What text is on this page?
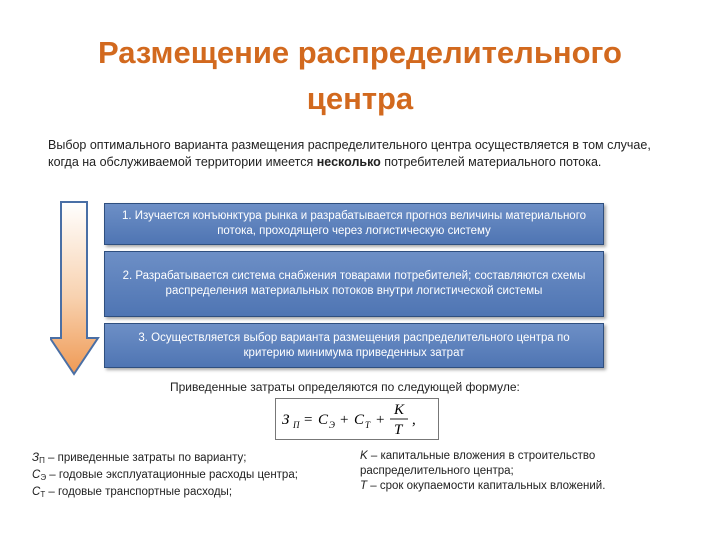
Размещение распределительного
центра
Выбор оптимального варианта размещения распределительного центра осуществляется в том случае, когда на обслуживаемой территории имеется несколько потребителей материального потока.
1. Изучается конъюнктура рынка и разрабатывается прогноз величины материального потока, проходящего через логистическую систему
2. Разрабатывается система снабжения товарами потребителей; составляются схемы распределения материальных потоков внутри логистической системы
3. Осуществляется выбор варианта размещения распределительного центра по критерию минимума приведенных затрат
Приведенные затраты определяются по следующей формуле:
З П = C Э + C T +
K
T
,
$З_П$ – приведенные затраты по варианту;
$С_Э$ – годовые эксплуатационные расходы центра;
$С_Т$ – годовые транспортные расходы;
K – капитальные вложения в строительство
распределительного центра;
T – срок окупаемости капитальных вложений.
